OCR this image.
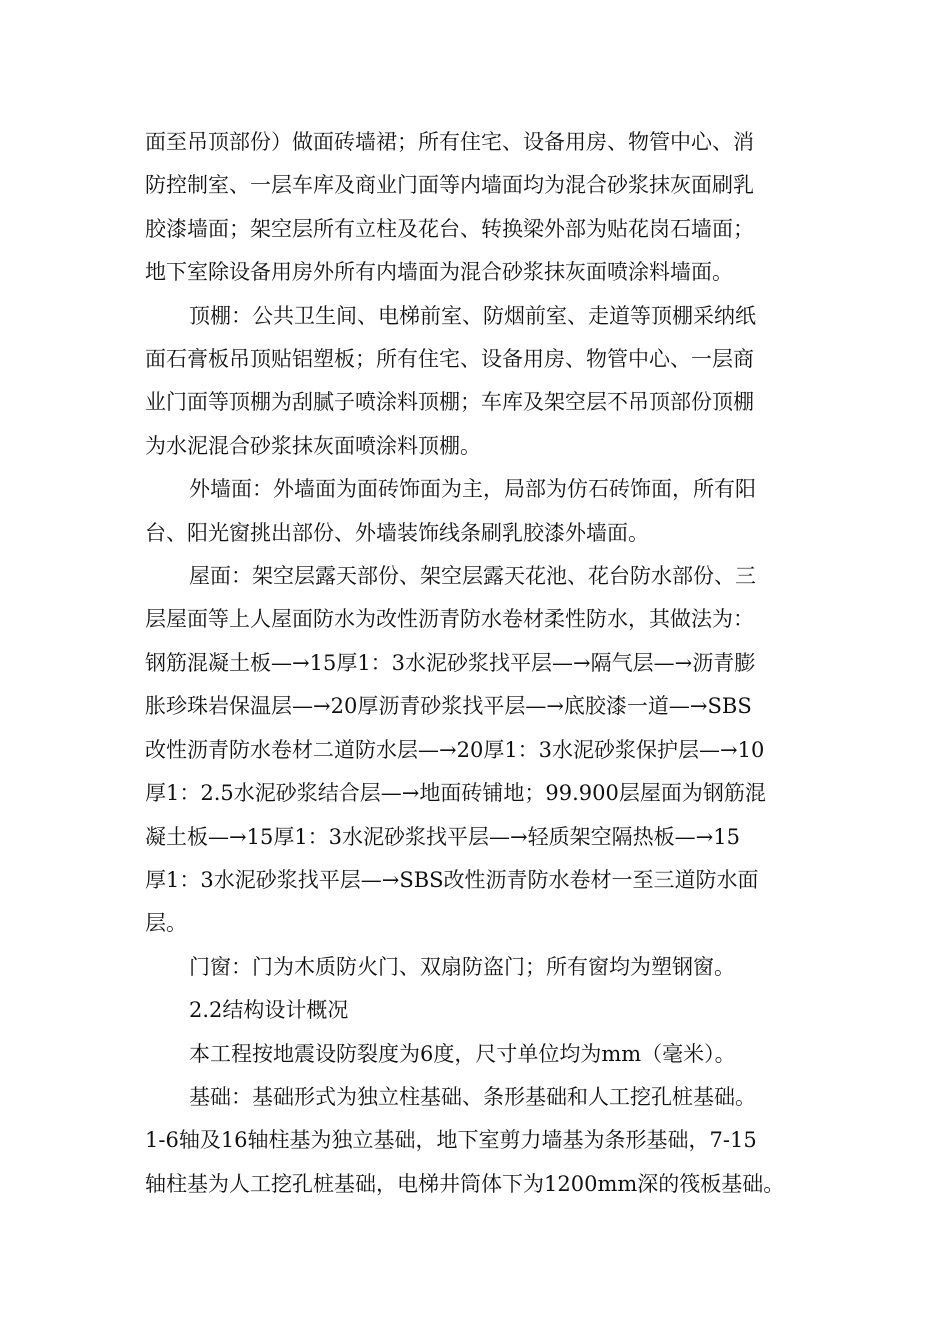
面至吊顶部份）做面砖墙裙；所有住宅、设备用房、物管中心、消
防控制室、一层车库及商业门面等内墙面均为混合砂浆抹灰面刷乳
胶漆墙面；架空层所有立柱及花台、转换梁外部为贴花岗石墙面；
地下室除设备用房外所有内墙面为混合砂浆抹灰面喷涂料墙面。

顶棚：公共卫生间、电梯前室、防烟前室、走道等顶棚采纳纸
面石膏板吊顶贴铝塑板；所有住宅、设备用房、物管中心、一层商
业门面等顶棚为刮腻子喷涂料顶棚；车库及架空层不吊顶部份顶棚
为水泥混合砂浆抹灰面喷涂料顶棚。

外墙面：外墙面为面砖饰面为主，局部为仿石砖饰面，所有阳
台、阳光窗挑出部份、外墙装饰线条刷乳胶漆外墙面。

屋面：架空层露天部份、架空层露天花池、花台防水部份、三
层屋面等上人屋面防水为改性沥青防水卷材柔性防水，其做法为：
钢筋混凝土板—→15厚1：3水泥砂浆找平层—→隔气层—→沥青膨
胀珍珠岩保温层—→20厚沥青砂浆找平层—→底胶漆一道—→SBS
改性沥青防水卷材二道防水层—→20厚1：3水泥砂浆保护层—→10
厚1：2.5水泥砂浆结合层—→地面砖铺地；99.900层屋面为钢筋混
凝土板—→15厚1：3水泥砂浆找平层—→轻质架空隔热板—→15
厚1：3水泥砂浆找平层—→SBS改性沥青防水卷材一至三道防水面
层。

门窗：门为木质防火门、双扇防盗门；所有窗均为塑钢窗。

2.2结构设计概况

本工程按地震设防裂度为6度，尺寸单位均为mm（毫米）。

基础：基础形式为独立柱基础、条形基础和人工挖孔桩基础。
1-6轴及16轴柱基为独立基础，地下室剪力墙基为条形基础，7-15
轴柱基为人工挖孔桩基础，电梯井筒体下为1200mm深的筏板基础。
